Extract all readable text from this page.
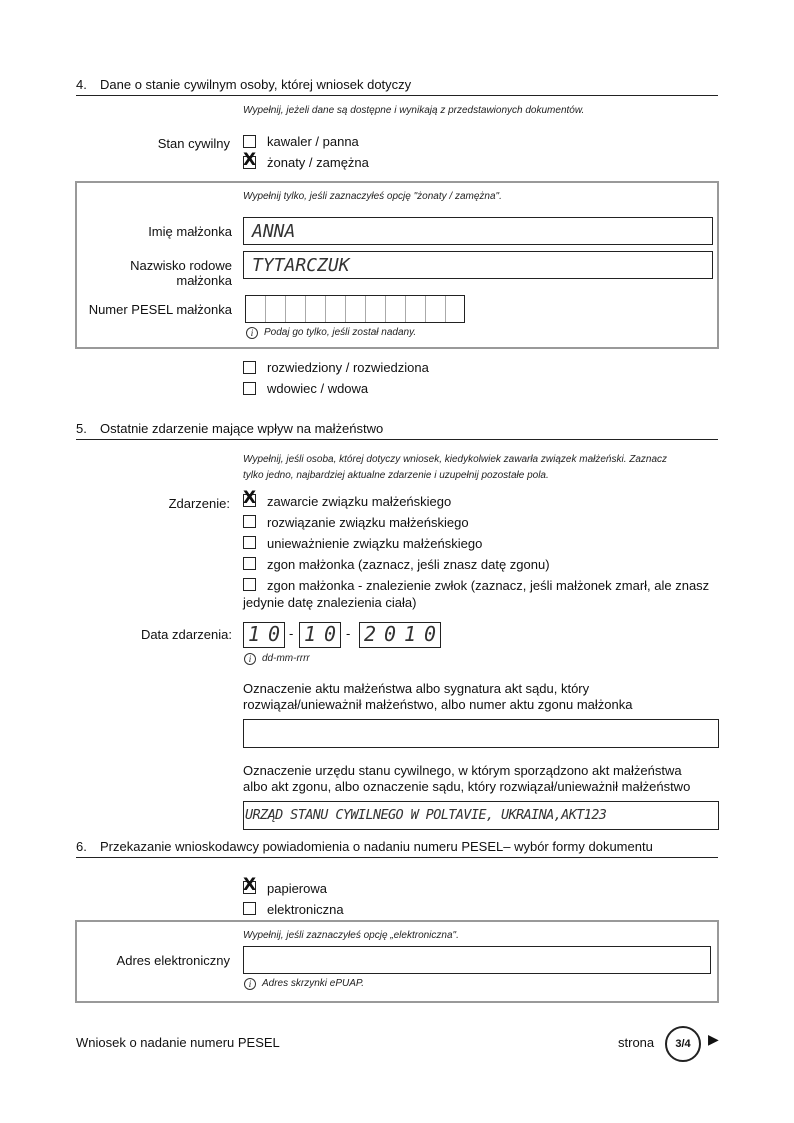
4. Dane o stanie cywilnym osoby, której wniosek dotyczy
Wypełnij, jeżeli dane są dostępne i wynikają z przedstawionych dokumentów.
Stan cywilny	kawaler / panna
X żonaty / zamężna
Wypełnij tylko, jeśli zaznaczyłeś opcję "żonaty / zamężna".
Imię małżonka ANNA
Nazwisko rodowe
małżonka
TYTARCZUK
Numer PESEL małżonka
i	Podaj go tylko, jeśli został nadany.
rozwiedziony / rozwiedziona
wdowiec / wdowa
5. Ostatnie zdarzenie mające wpływ na małżeństwo
Wypełnij, jeśli osoba, której dotyczy wniosek, kiedykolwiek zawarła związek małżeński. Zaznacz
tylko jedno, najbardziej aktualne zdarzenie i uzupełnij pozostałe pola.
Zdarzenie: X zawarcie związku małżeńskiego
rozwiązanie związku małżeńskiego
unieważnienie związku małżeńskiego
zgon małżonka (zaznacz, jeśli znasz datę zgonu)
zgon małżonka - znalezienie zwłok (zaznacz, jeśli małżonek zmarł, ale znasz
jedynie datę znalezienia ciała)
Data zdarzenia: 1 0 - 1 0 - 2 0 1 0
i	dd-mm-rrrr
Oznaczenie aktu małżeństwa albo sygnatura akt sądu, który
rozwiązał/unieważnił małżeństwo, albo numer aktu zgonu małżonka
Oznaczenie urzędu stanu cywilnego, w którym sporządzono akt małżeństwa
albo akt zgonu, albo oznaczenie sądu, który rozwiązał/unieważnił małżeństwo
URZĄD STANU CYWILNEGO W POLTAVIE, UKRAINA,AKT123
6. Przekazanie wnioskodawcy powiadomienia o nadaniu numeru PESEL– wybór formy dokumentu
X papierowa
elektroniczna
Wypełnij, jeśli zaznaczyłeś opcję „elektroniczna".
Adres elektroniczny
i	Adres skrzynki ePUAP.
Wniosek o nadanie numeru PESEL	strona	3/4	▶
